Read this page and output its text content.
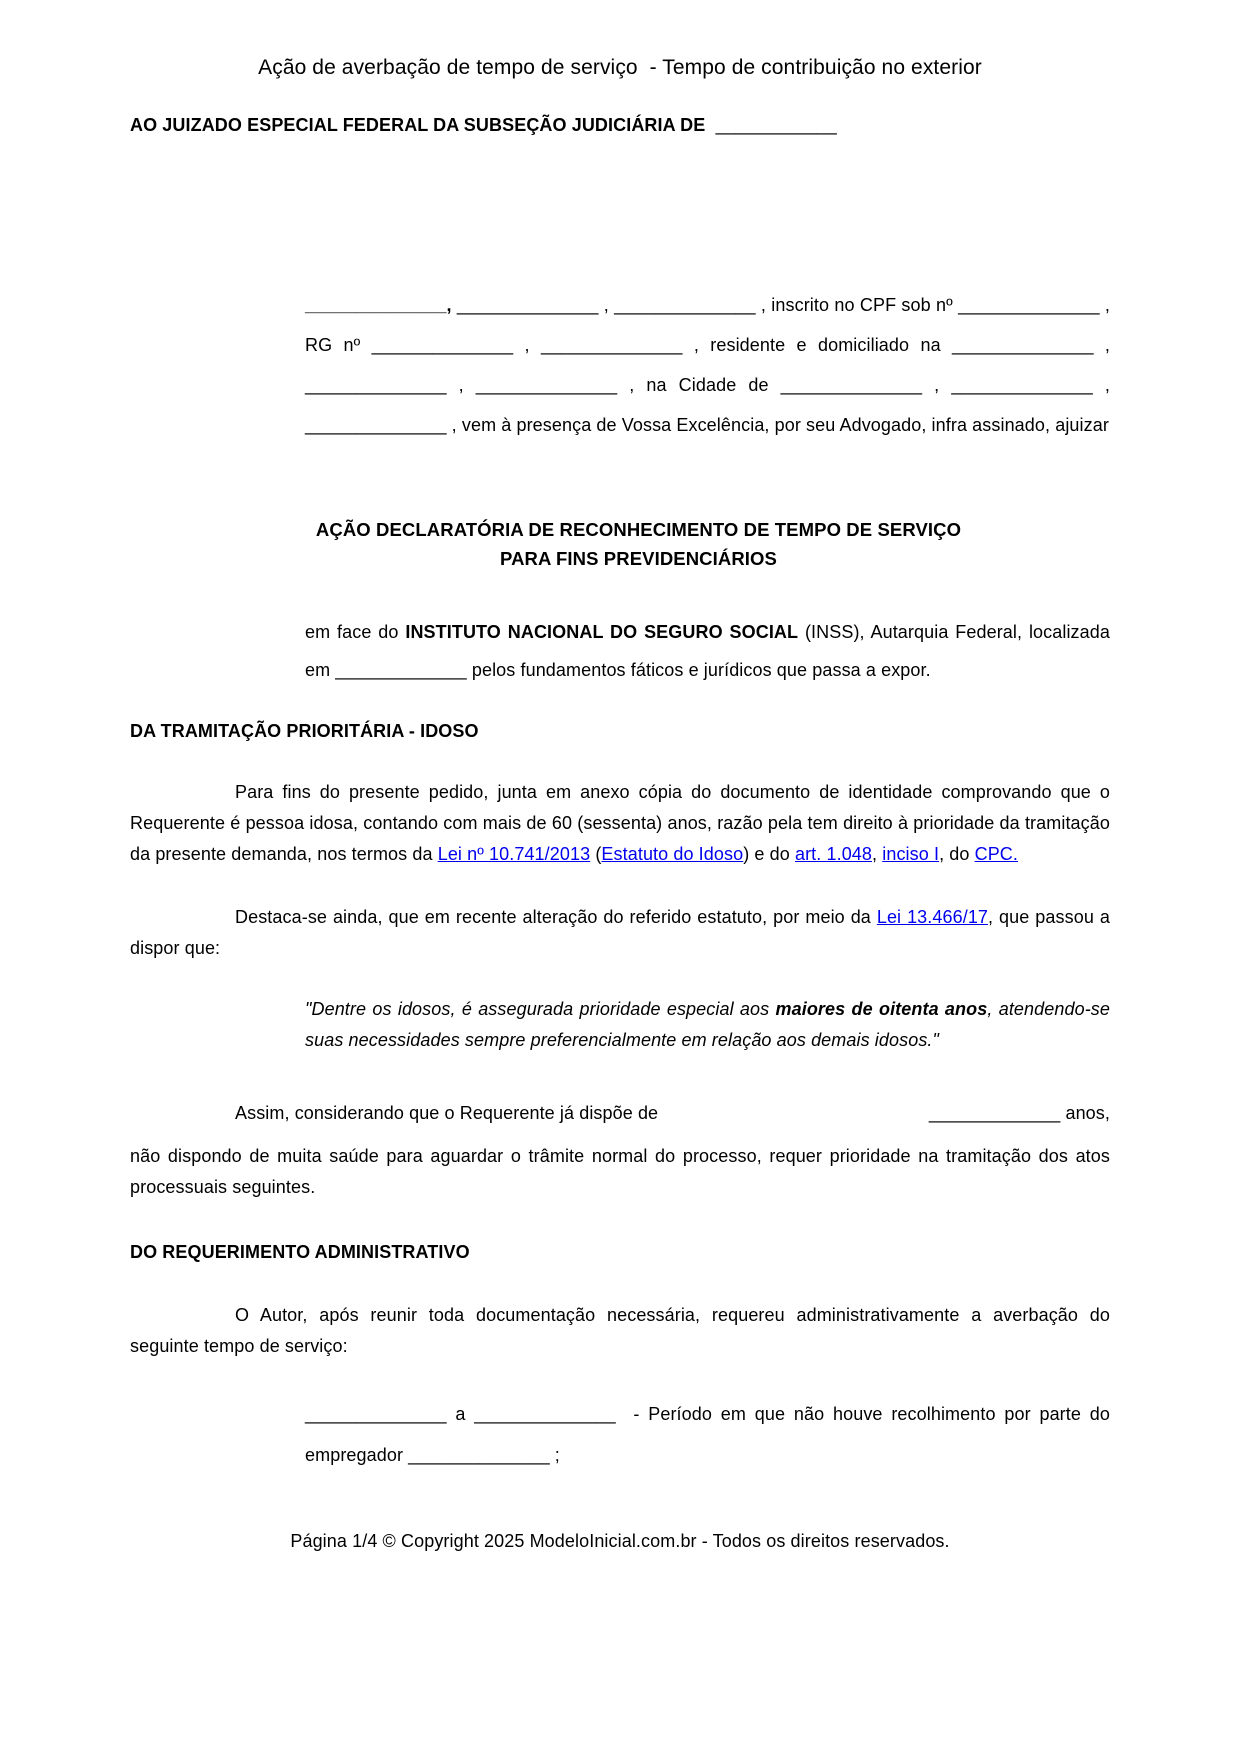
Ação de averbação de tempo de serviço  - Tempo de contribuição no exterior
AO JUIZADO ESPECIAL FEDERAL DA SUBSEÇÃO JUDICIÁRIA DE  ____________
______________, ______________ , ______________ , inscrito no CPF sob nº ______________ , RG nº ______________ , ______________ , residente e domiciliado na ______________ , ______________ , ______________ , na Cidade de ______________ , ______________ , ______________ , vem à presença de Vossa Excelência, por seu Advogado, infra assinado, ajuizar
AÇÃO DECLARATÓRIA DE RECONHECIMENTO DE TEMPO DE SERVIÇO
PARA FINS PREVIDENCIÁRIOS
em face do INSTITUTO NACIONAL DO SEGURO SOCIAL (INSS), Autarquia Federal, localizada em _____________ pelos fundamentos fáticos e jurídicos que passa a expor.
DA TRAMITAÇÃO PRIORITÁRIA - IDOSO

Para fins do presente pedido, junta em anexo cópia do documento de identidade comprovando que o Requerente é pessoa idosa, contando com mais de 60 (sessenta) anos, razão pela tem direito à prioridade da tramitação da presente demanda, nos termos da Lei nº 10.741/2013 (Estatuto do Idoso) e do art. 1.048, inciso I, do CPC.

Destaca-se ainda, que em recente alteração do referido estatuto, por meio da Lei 13.466/17, que passou a dispor que:

"Dentre os idosos, é assegurada prioridade especial aos maiores de oitenta anos, atendendo-se suas necessidades sempre preferencialmente em relação aos demais idosos."
Assim, considerando que o Requerente já dispõe de	_____________ anos,

não dispondo de muita saúde para aguardar o trâmite normal do processo, requer prioridade na tramitação dos atos processuais seguintes.

DO REQUERIMENTO ADMINISTRATIVO

O Autor, após reunir toda documentação necessária, requereu administrativamente a averbação do seguinte tempo de serviço:

______________ a ______________  - Período em que não houve recolhimento por parte do empregador ______________ ;
Página 1/4 © Copyright 2025 ModeloInicial.com.br - Todos os direitos reservados.
